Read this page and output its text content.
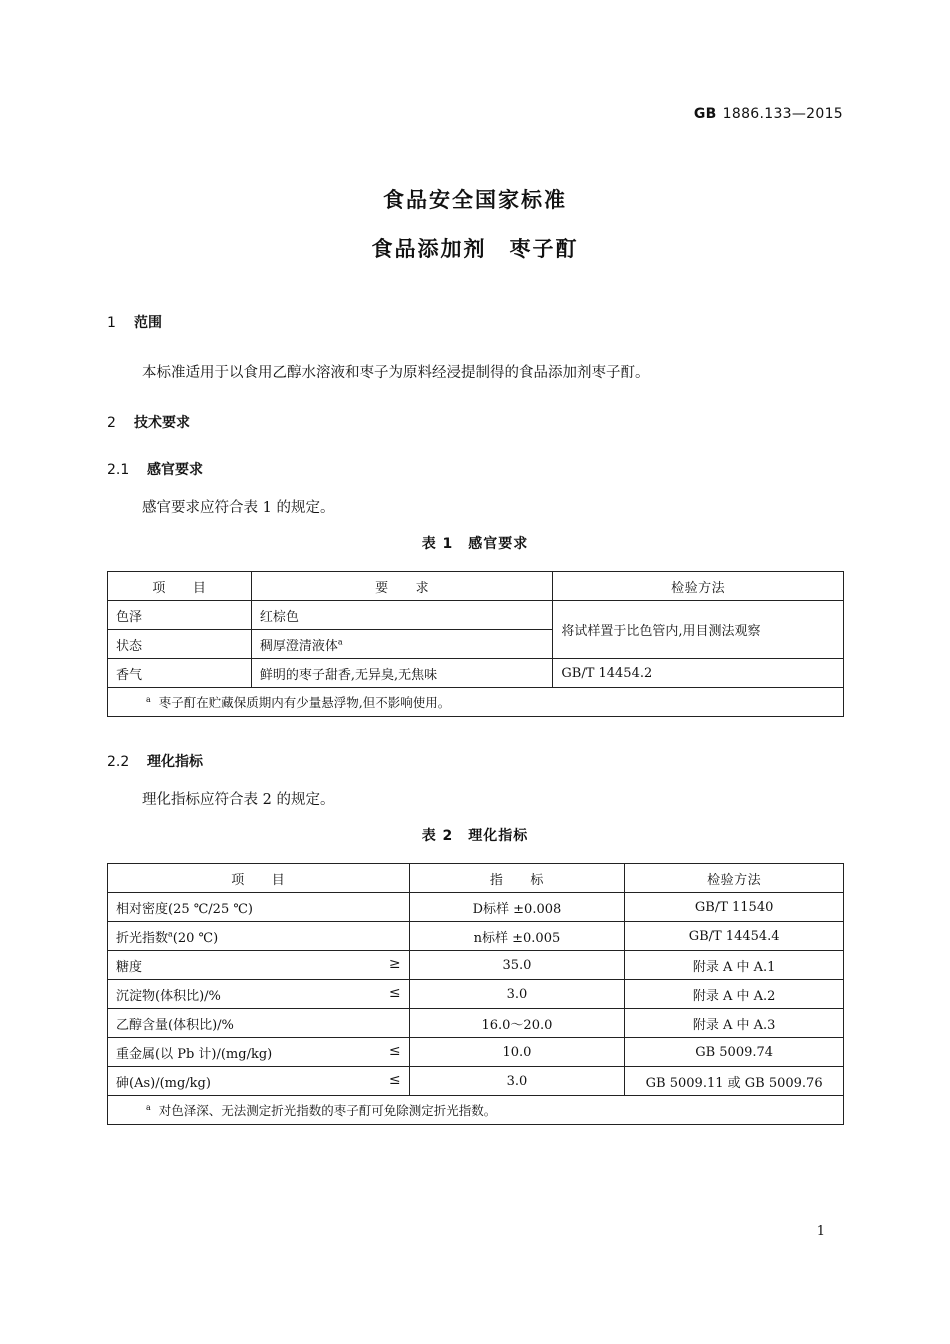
GB 1886.133—2015
食品安全国家标准
食品添加剂　枣子酊
1 范围
本标准适用于以食用乙醇水溶液和枣子为原料经浸提制得的食品添加剂枣子酊。
2 技术要求
2.1 感官要求
感官要求应符合表 1 的规定。
表 1　感官要求
项　　目	要　　求	检验方法
色泽	红棕色	将试样置于比色管内,用目测法观察
状态	稠厚澄清液体$^a$
香气	鲜明的枣子甜香,无异臭,无焦味	GB/T 14454.2
$^a$ 枣子酊在贮藏保质期内有少量悬浮物,但不影响使用。		
2.2 理化指标
理化指标应符合表 2 的规定。
表 2　理化指标
项　　目	指　　标	检验方法
相对密度(25 ℃/25 ℃)	D标样 ±0.008	GB/T 11540
折光指数$^a$(20 ℃)	n标样 ±0.005	GB/T 14454.4
糖度 ≥	35.0	附录 A 中 A.1
沉淀物(体积比)/% ≤	3.0	附录 A 中 A.2
乙醇含量(体积比)/%	16.0～20.0	附录 A 中 A.3
重金属(以 Pb 计)/(mg/kg) ≤	10.0	GB 5009.74
砷(As)/(mg/kg) ≤	3.0	GB 5009.11 或 GB 5009.76
$^a$ 对色泽深、无法测定折光指数的枣子酊可免除测定折光指数。		
1
